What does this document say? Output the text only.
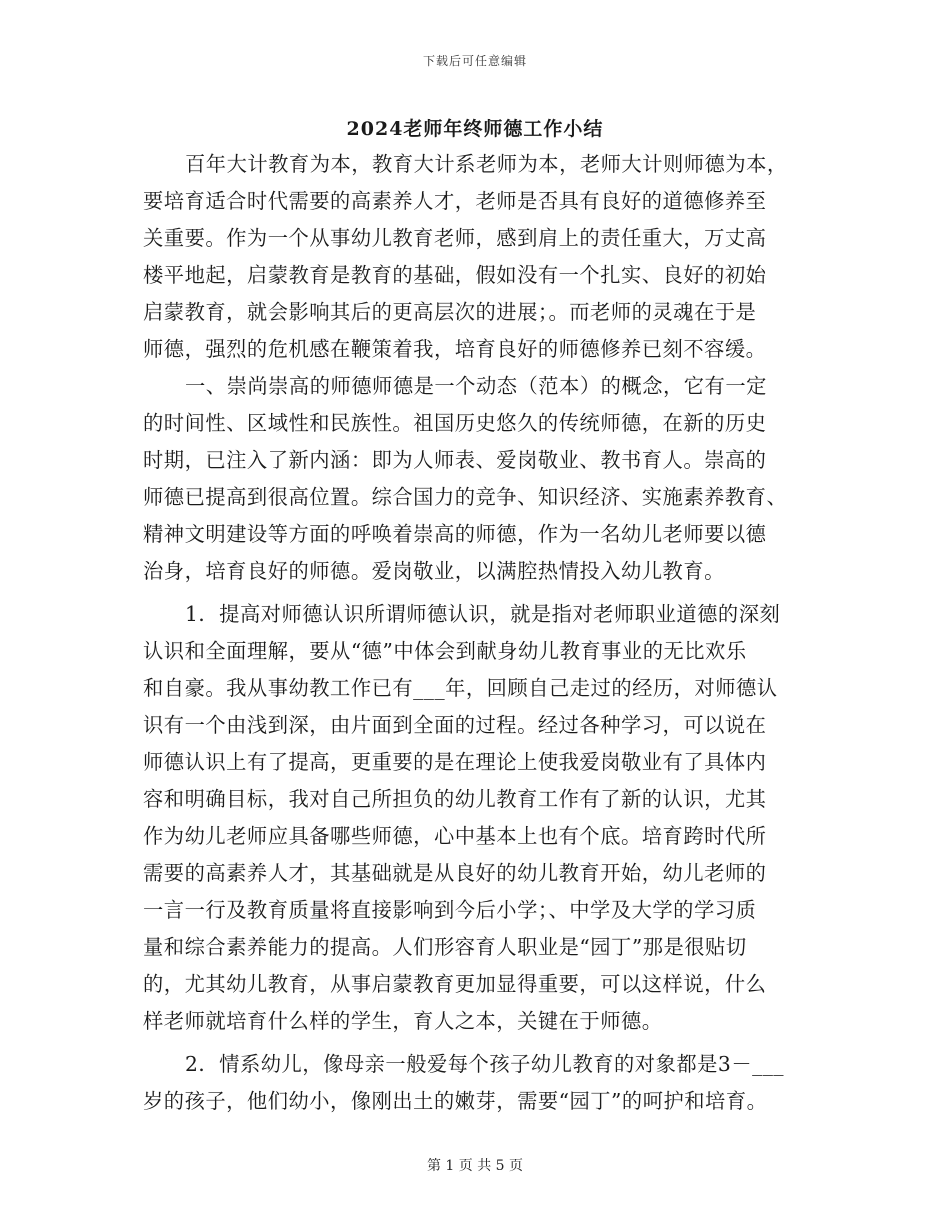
下载后可任意编辑
2024老师年终师德工作小结
百年大计教育为本，教育大计系老师为本，老师大计则师德为本，
要培育适合时代需要的高素养人才，老师是否具有良好的道德修养至
关重要。作为一个从事幼儿教育老师，感到肩上的责任重大，万丈高
楼平地起，启蒙教育是教育的基础，假如没有一个扎实、良好的初始
启蒙教育，就会影响其后的更高层次的进展；。而老师的灵魂在于是
师德，强烈的危机感在鞭策着我，培育良好的师德修养已刻不容缓。
一、崇尚崇高的师德师德是一个动态（范本）的概念，它有一定
的时间性、区域性和民族性。祖国历史悠久的传统师德，在新的历史
时期，已注入了新内涵：即为人师表、爱岗敬业、教书育人。崇高的
师德已提高到很高位置。综合国力的竞争、知识经济、实施素养教育、
精神文明建设等方面的呼唤着崇高的师德，作为一名幼儿老师要以德
治身，培育良好的师德。爱岗敬业，以满腔热情投入幼儿教育。
1．提高对师德认识所谓师德认识，就是指对老师职业道德的深刻
认识和全面理解，要从“德”中体会到献身幼儿教育事业的无比欢乐
和自豪。我从事幼教工作已有___年，回顾自己走过的经历，对师德认
识有一个由浅到深，由片面到全面的过程。经过各种学习，可以说在
师德认识上有了提高，更重要的是在理论上使我爱岗敬业有了具体内
容和明确目标，我对自己所担负的幼儿教育工作有了新的认识，尤其
作为幼儿老师应具备哪些师德，心中基本上也有个底。培育跨时代所
需要的高素养人才，其基础就是从良好的幼儿教育开始，幼儿老师的
一言一行及教育质量将直接影响到今后小学；、中学及大学的学习质
量和综合素养能力的提高。人们形容育人职业是“园丁”那是很贴切
的，尤其幼儿教育，从事启蒙教育更加显得重要，可以这样说，什么
样老师就培育什么样的学生，育人之本，关键在于师德。
2．情系幼儿，像母亲一般爱每个孩子幼儿教育的对象都是3－___
岁的孩子，他们幼小，像刚出土的嫩芽，需要“园丁”的呵护和培育。
第 1 页 共 5 页
